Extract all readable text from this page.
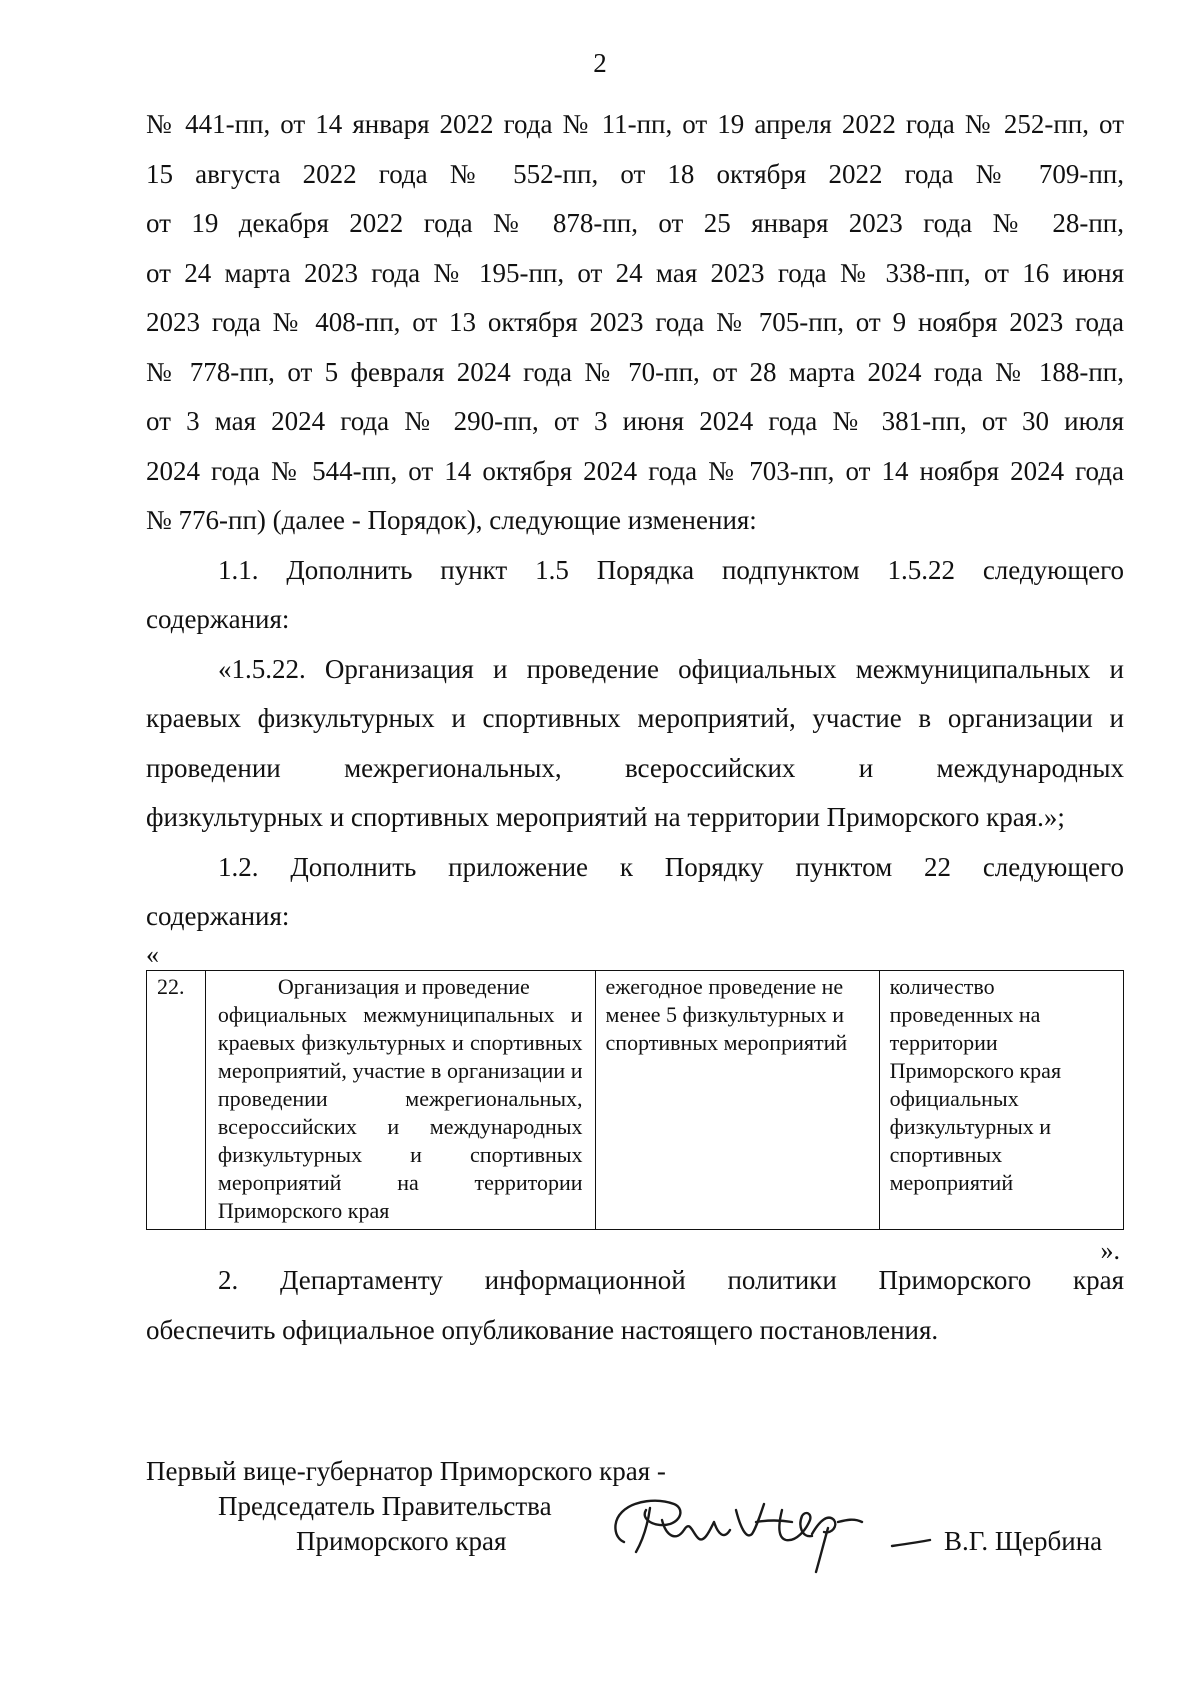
2

№ 441-пп, от 14 января 2022 года № 11-пп, от 19 апреля 2022 года № 252-пп, от

15 августа 2022 года № 552-пп, от 18 октября 2022 года № 709-пп,

от 19 декабря 2022 года № 878-пп, от 25 января 2023 года № 28-пп,

от 24 марта 2023 года № 195-пп, от 24 мая 2023 года № 338-пп, от 16 июня

2023 года № 408-пп, от 13 октября 2023 года № 705-пп, от 9 ноября 2023 года

№ 778-пп, от 5 февраля 2024 года № 70-пп, от 28 марта 2024 года № 188-пп,

от 3 мая 2024 года № 290-пп, от 3 июня 2024 года № 381-пп, от 30 июля

2024 года № 544-пп, от 14 октября 2024 года № 703-пп, от 14 ноября 2024 года

№ 776-пп) (далее - Порядок), следующие изменения:

1.1. Дополнить пункт 1.5 Порядка подпунктом 1.5.22 следующего

содержания:

«1.5.22. Организация и проведение официальных межмуниципальных и

краевых физкультурных и спортивных мероприятий, участие в организации и

проведении межрегиональных, всероссийских и международных

физкультурных и спортивных мероприятий на территории Приморского края.»;

1.2. Дополнить приложение к Порядку пунктом 22 следующего

содержания:

«
22.	Организация и проведение
официальных межмуниципальных и краевых физкультурных и спортивных мероприятий, участие в организации и проведении межрегиональных, всероссийских и международных физкультурных и спортивных мероприятий на территории Приморского края	ежегодное проведение не менее 5 физкультурных и спортивных мероприятий	количество проведенных на территории Приморского края официальных физкультурных и спортивных мероприятий
».

2. Департаменту информационной политики Приморского края

обеспечить официальное опубликование настоящего постановления.

Первый вице-губернатор Приморского края -
Председатель Правительства
Приморского края	В.Г. Щербина
